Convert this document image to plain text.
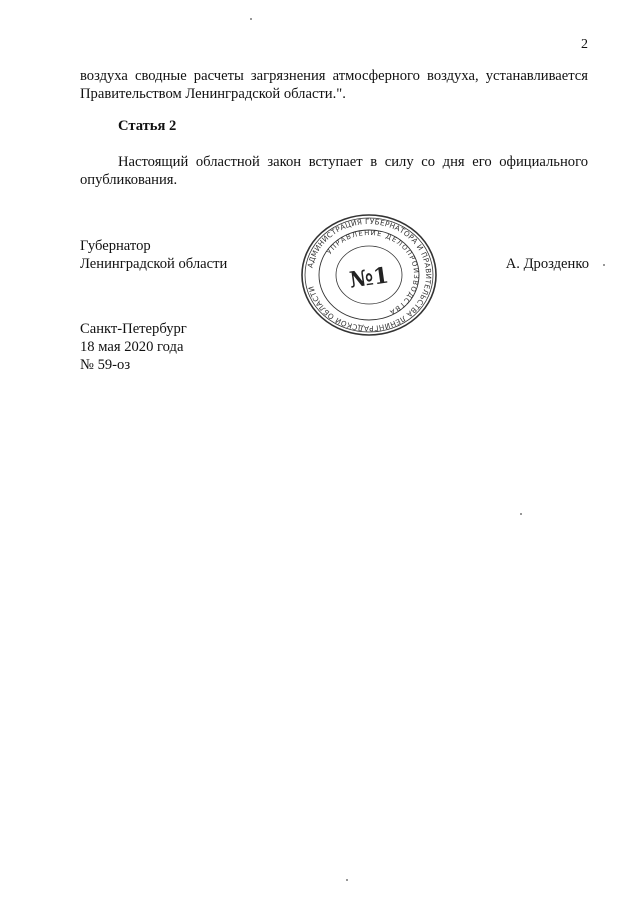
2
воздуха сводные расчеты загрязнения атмосферного воздуха, устанавливается
Правительством Ленинградской области.".
Статья 2
Настоящий областной закон вступает в силу со дня его официального
опубликования.
Губернатор
Ленинградской области	АДМИНИСТРАЦИЯ ГУБЕРНАТОРА И ПРАВИТЕЛЬСТВА ЛЕНИНГРАДСКОЙ ОБЛАСТИ
УПРАВЛЕНИЕ ДЕЛОПРОИЗВОДСТВА
№1	А. Дрозденко
Санкт-Петербург
18 мая 2020 года
№ 59-оз
